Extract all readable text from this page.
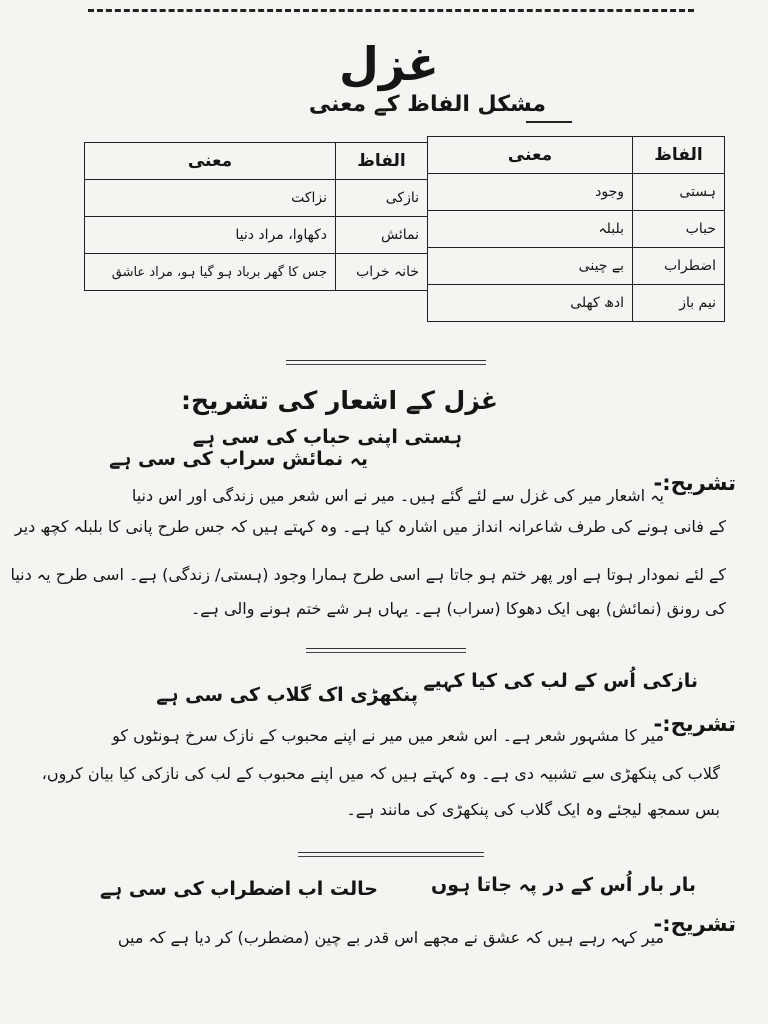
غزل
مشکل الفاظ کے معنی
الفاظ	معنی
ہستی	وجود
حباب	بلبلہ
اضطراب	بے چینی
نیم باز	ادھ کھلی
الفاظ	معنی
نازکی	نزاکت
نمائش	دکھاوا، مراد دنیا
خانہ خراب	جس کا گھر برباد ہو گیا ہو، مراد عاشق
غزل کے اشعار کی تشریح:
ہستی اپنی حباب کی سی ہے
یہ نمائش سراب کی سی ہے
تشریح:-
یہ اشعار میر کی غزل سے لئے گئے ہیں۔ میر نے اس شعر میں زندگی اور اس دنیا
کے فانی ہونے کی طرف شاعرانہ انداز میں اشارہ کیا ہے۔ وہ کہتے ہیں کہ جس طرح پانی کا بلبلہ کچھ دیر
کے لئے نمودار ہوتا ہے اور پھر ختم ہو جاتا ہے اسی طرح ہمارا وجود (ہستی/ زندگی) ہے۔ اسی طرح یہ دنیا
کی رونق (نمائش) بھی ایک دھوکا (سراب) ہے۔ یہاں ہر شے ختم ہونے والی ہے۔
نازکی اُس کے لب کی کیا کہیے
پنکھڑی اک گلاب کی سی ہے
تشریح:-
میر کا مشہور شعر ہے۔ اس شعر میں میر نے اپنے محبوب کے نازک سرخ ہونٹوں کو
گلاب کی پنکھڑی سے تشبیہ دی ہے۔ وہ کہتے ہیں کہ میں اپنے محبوب کے لب کی نازکی کیا بیان کروں،
بس سمجھ لیجئے وہ ایک گلاب کی پنکھڑی کی مانند ہے۔
بار بار اُس کے در پہ جاتا ہوں
حالت اب اضطراب کی سی ہے
تشریح:-
میر کہہ رہے ہیں کہ عشق نے مجھے اس قدر بے چین (مضطرب) کر دیا ہے کہ میں
